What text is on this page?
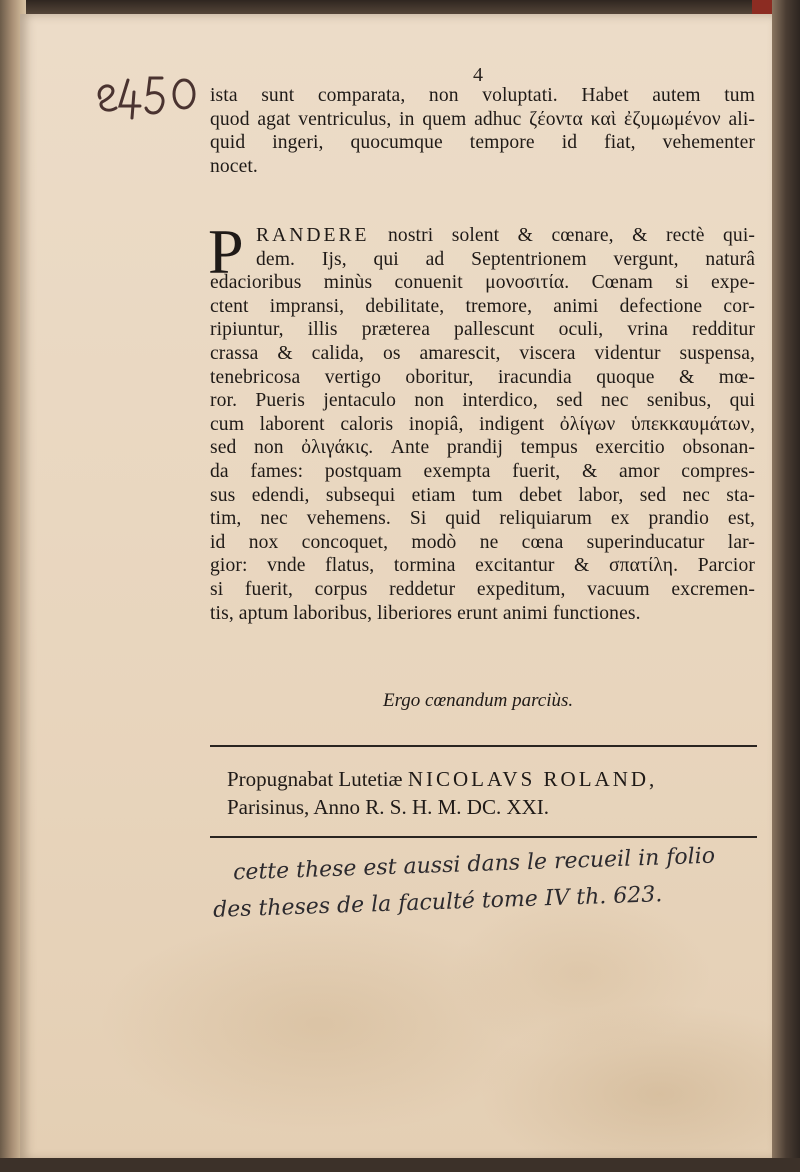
4
ista sunt comparata, non voluptati. Habet autem tum
quod agat ventriculus, in quem adhuc ζέοντα καὶ ἐζυμωμένον ali-
quid ingeri, quocumque tempore id fiat, vehementer
nocet.
P RANDERE nostri solent & cœnare, & rectè qui-
dem. Ijs, qui ad Septentrionem vergunt, naturâ
edacioribus minùs conuenit μονοσιτία. Cœnam si expe-
ctent impransi, debilitate, tremore, animi defectione cor-
ripiuntur, illis præterea pallescunt oculi, vrina redditur
crassa & calida, os amarescit, viscera videntur suspensa,
tenebricosa vertigo oboritur, iracundia quoque & mœ-
ror. Pueris jentaculo non interdico, sed nec senibus, qui
cum laborent caloris inopiâ, indigent ὀλίγων ὑπεκκαυμάτων,
sed non ὀλιγάκις. Ante prandij tempus exercitio obsonan-
da fames: postquam exempta fuerit, & amor compres-
sus edendi, subsequi etiam tum debet labor, sed nec sta-
tim, nec vehemens. Si quid reliquiarum ex prandio est,
id nox concoquet, modò ne cœna superinducatur lar-
gior: vnde flatus, tormina excitantur & σπατίλη. Parcior
si fuerit, corpus reddetur expeditum, vacuum excremen-
tis, aptum laboribus, liberiores erunt animi functiones.
Ergo cœnandum parciùs.
Propugnabat Lutetiæ NICOLAVS ROLAND,
Parisinus, Anno R. S. H. M. DC. XXI.
cette these est aussi dans le recueil in folio
des theses de la faculté tome IV th. 623.
